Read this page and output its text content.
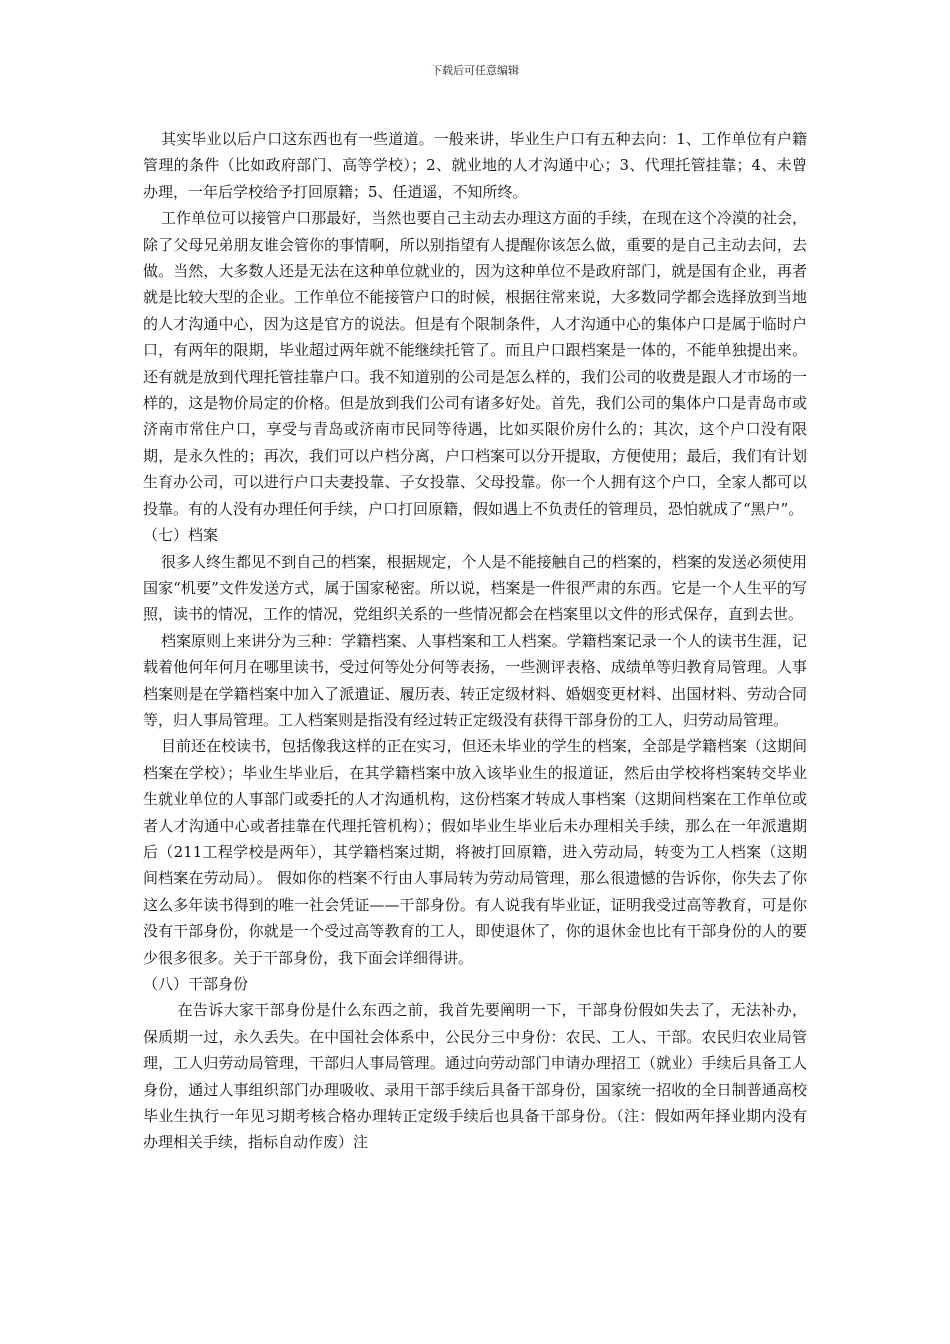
下载后可任意编辑

其实毕业以后户口这东西也有一些道道。一般来讲，毕业生户口有五种去向：1、工作单位有户籍管理的条件（比如政府部门、高等学校）；2、就业地的人才沟通中心；3、代理托管挂靠；4、未曾办理，一年后学校给予打回原籍；5、任逍遥，不知所终。

工作单位可以接管户口那最好，当然也要自己主动去办理这方面的手续，在现在这个冷漠的社会，除了父母兄弟朋友谁会管你的事情啊，所以别指望有人提醒你该怎么做，重要的是自己主动去问，去做。当然，大多数人还是无法在这种单位就业的，因为这种单位不是政府部门，就是国有企业，再者就是比较大型的企业。工作单位不能接管户口的时候，根据往常来说，大多数同学都会选择放到当地的人才沟通中心，因为这是官方的说法。但是有个限制条件，人才沟通中心的集体户口是属于临时户口，有两年的限期，毕业超过两年就不能继续托管了。而且户口跟档案是一体的，不能单独提出来。还有就是放到代理托管挂靠户口。我不知道别的公司是怎么样的，我们公司的收费是跟人才市场的一样的，这是物价局定的价格。但是放到我们公司有诸多好处。首先，我们公司的集体户口是青岛市或济南市常住户口，享受与青岛或济南市民同等待遇，比如买限价房什么的；其次，这个户口没有限期，是永久性的；再次，我们可以户档分离，户口档案可以分开提取，方便使用；最后，我们有计划生育办公司，可以进行户口夫妻投靠、子女投靠、父母投靠。你一个人拥有这个户口，全家人都可以投靠。有的人没有办理任何手续，户口打回原籍，假如遇上不负责任的管理员，恐怕就成了“黑户”。

（七）档案

很多人终生都见不到自己的档案，根据规定，个人是不能接触自己的档案的，档案的发送必须使用国家“机要”文件发送方式，属于国家秘密。所以说，档案是一件很严肃的东西。它是一个人生平的写照，读书的情况，工作的情况，党组织关系的一些情况都会在档案里以文件的形式保存，直到去世。

档案原则上来讲分为三种：学籍档案、人事档案和工人档案。学籍档案记录一个人的读书生涯，记载着他何年何月在哪里读书，受过何等处分何等表扬，一些测评表格、成绩单等归教育局管理。人事档案则是在学籍档案中加入了派遣证、履历表、转正定级材料、婚姻变更材料、出国材料、劳动合同等，归人事局管理。工人档案则是指没有经过转正定级没有获得干部身份的工人，归劳动局管理。

目前还在校读书，包括像我这样的正在实习，但还未毕业的学生的档案，全部是学籍档案（这期间档案在学校）；毕业生毕业后，在其学籍档案中放入该毕业生的报道证，然后由学校将档案转交毕业生就业单位的人事部门或委托的人才沟通机构，这份档案才转成人事档案（这期间档案在工作单位或者人才沟通中心或者挂靠在代理托管机构）；假如毕业生毕业后未办理相关手续，那么在一年派遣期后（211工程学校是两年），其学籍档案过期，将被打回原籍，进入劳动局，转变为工人档案（这期间档案在劳动局）。 假如你的档案不行由人事局转为劳动局管理，那么很遗憾的告诉你，你失去了你这么多年读书得到的唯一社会凭证——干部身份。有人说我有毕业证，证明我受过高等教育，可是你没有干部身份，你就是一个受过高等教育的工人，即使退休了，你的退休金也比有干部身份的人的要少很多很多。关于干部身份，我下面会详细得讲。

（八）干部身份

在告诉大家干部身份是什么东西之前，我首先要阐明一下，干部身份假如失去了，无法补办，保质期一过，永久丢失。在中国社会体系中，公民分三中身份：农民、工人、干部。农民归农业局管理，工人归劳动局管理，干部归人事局管理。通过向劳动部门申请办理招工（就业）手续后具备工人身份，通过人事组织部门办理吸收、录用干部手续后具备干部身份，国家统一招收的全日制普通高校毕业生执行一年见习期考核合格办理转正定级手续后也具备干部身份。（注：假如两年择业期内没有办理相关手续，指标自动作废）注
